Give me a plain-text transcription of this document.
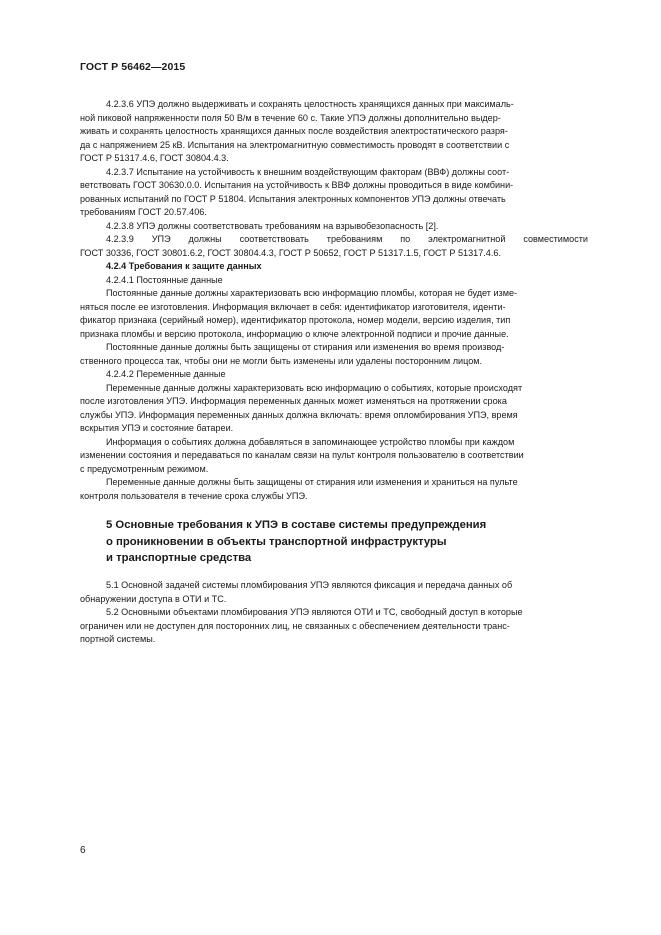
ГОСТ Р 56462—2015

4.2.3.6 УПЭ должно выдерживать и сохранять целостность хранящихся данных при максималь-
ной пиковой напряженности поля 50 В/м в течение 60 с. Такие УПЭ должны дополнительно выдер-
живать и сохранять целостность хранящихся данных после воздействия электростатического разря-
да с напряжением 25 кВ. Испытания на электромагнитную совместимость проводят в соответствии с
ГОСТ Р 51317.4.6, ГОСТ 30804.4.3.

4.2.3.7 Испытание на устойчивость к внешним воздействующим факторам (ВВФ) должны соот-
ветствовать ГОСТ 30630.0.0. Испытания на устойчивость к ВВФ должны проводиться в виде комбини-
рованных испытаний по ГОСТ Р 51804. Испытания электронных компонентов УПЭ должны отвечать
требованиям ГОСТ 20.57.406.

4.2.3.8 УПЭ должны соответствовать требованиям на взрывобезопасность [2].

4.2.3.9 УПЭ должны соответствовать требованиям по электромагнитной совместимости

ГОСТ 30336, ГОСТ 30801.6.2, ГОСТ 30804.4.3, ГОСТ Р 50652, ГОСТ Р 51317.1.5, ГОСТ Р 51317.4.6.

4.2.4 Требования к защите данных

4.2.4.1 Постоянные данные

Постоянные данные должны характеризовать всю информацию пломбы, которая не будет изме-
няться после ее изготовления. Информация включает в себя: идентификатор изготовителя, иденти-
фикатор признака (серийный номер), идентификатор протокола, номер модели, версию изделия, тип
признака пломбы и версию протокола, информацию о ключе электронной подписи и прочие данные.

Постоянные данные должны быть защищены от стирания или изменения во время производ-
ственного процесса так, чтобы они не могли быть изменены или удалены посторонним лицом.

4.2.4.2 Переменные данные

Переменные данные должны характеризовать всю информацию о событиях, которые происходят
после изготовления УПЭ. Информация переменных данных может изменяться на протяжении срока
службы УПЭ. Информация переменных данных должна включать: время опломбирования УПЭ, время
вскрытия УПЭ и состояние батареи.

Информация о событиях должна добавляться в запоминающее устройство пломбы при каждом
изменении состояния и передаваться по каналам связи на пульт контроля пользователю в соответствии
с предусмотренным режимом.

Переменные данные должны быть защищены от стирания или изменения и храниться на пульте
контроля пользователя в течение срока службы УПЭ.

5 Основные требования к УПЭ в составе системы предупреждения
о проникновении в объекты транспортной инфраструктуры
и транспортные средства

5.1 Основной задачей системы пломбирования УПЭ являются фиксация и передача данных об
обнаружении доступа в ОТИ и ТС.

5.2 Основными объектами пломбирования УПЭ являются ОТИ и ТС, свободный доступ в которые
ограничен или не доступен для посторонних лиц, не связанных с обеспечением деятельности транс-
портной системы.

6
